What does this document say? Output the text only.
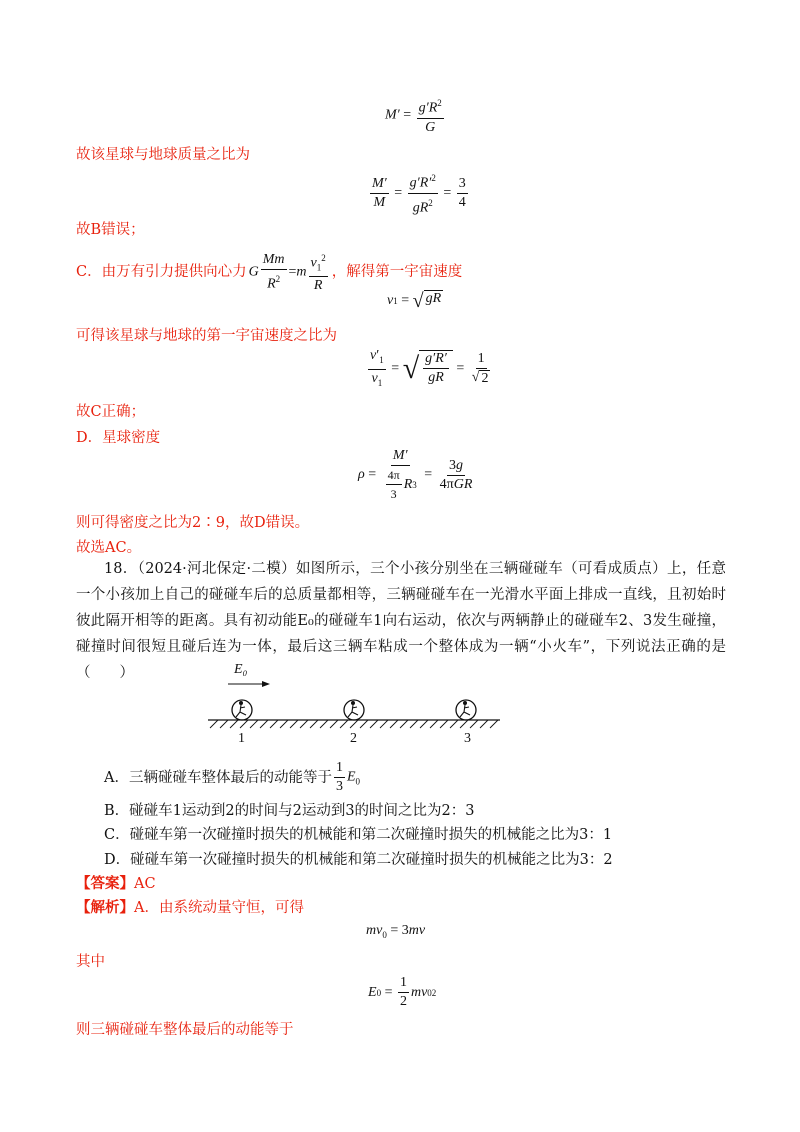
$M' = \frac{g'R^2}{G}$
故该星球与地球质量之比为
$\frac{M'}{M} = \frac{g'R'^2}{gR^2} = \frac{3}{4}$
故B错误；
C．由万有引力提供向心力 G $\frac{Mm}{R^2} =m \frac{v_1^2}{R}$ ，解得第一宇宙速度
v 1 = √ gR
可得该星球与地球的第一宇宙速度之比为
$\frac{v'_1}{v_1}$ = √ $\frac{g'R'}{gR} = \frac{1}{√ 2}$
故C正确；
D．星球密度
$\rho = \frac{M'}{\frac{4\pi}{3} R 3} = \frac{3g}{\text{4πGR}}$
则可得密度之比为2∶9，故D错误。
故选AC。
18．（2024·河北保定·二模）如图所示，三个小孩分别坐在三辆碰碰车（可看成质点）上，任意一个小孩加上自己的碰碰车后的总质量都相等，三辆碰碰车在一光滑水平面上排成一直线，且初始时彼此隔开相等的距离。具有初动能E₀的碰碰车1向右运动，依次与两辆静止的碰碰车2、3发生碰撞，碰撞时间很短且碰后连为一体，最后这三辆车粘成一个整体成为一辆“小火车”，下列说法正确的是（　　）	E₀
1	2	3
A．三辆碰碰车整体最后的动能等于 $\frac{1}{3} E_0$
B．碰碰车1运动到2的时间与2运动到3的时间之比为2：3
C．碰碰车第一次碰撞时损失的机械能和第二次碰撞时损失的机械能之比为3：1
D．碰碰车第一次碰撞时损失的机械能和第二次碰撞时损失的机械能之比为3：2
【答案】AC
【解析】A．由系统动量守恒，可得
$mv_0 = 3mv$
其中
E $0 = \frac{1}{2}$ mv 0 2
则三辆碰碰车整体最后的动能等于
